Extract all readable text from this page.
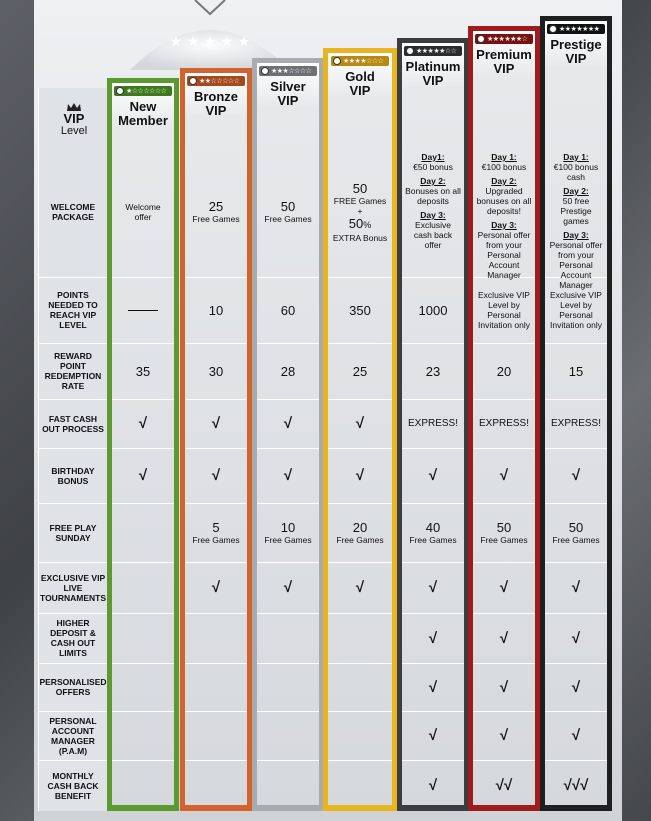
★ ★ ★ ★ ★
VIP
Level
WELCOME PACKAGE
POINTS NEEDED TO REACH VIP LEVEL
REWARD POINT REDEMPTION RATE
FAST CASH OUT PROCESS
BIRTHDAY BONUS
FREE PLAY SUNDAY
EXCLUSIVE VIP LIVE TOURNAMENTS
HIGHER DEPOSIT & CASH OUT LIMITS
PERSONALISED OFFERS
PERSONAL ACCOUNT MANAGER (P.A.M)
MONTHLY CASH BACK BENEFIT
★☆☆☆☆☆☆
New
Member
Welcome
offer
35
√
√
★★☆☆☆☆☆
Bronze
VIP
25
Free Games
10
30
√
√
5
Free Games
√
★★★☆☆☆☆
Silver
VIP
50
Free Games
60
28
√
√
10
Free Games
√
★★★★☆☆☆
Gold
VIP
50
FREE Games
+
50%
EXTRA Bonus
350
25
√
√
20
Free Games
√
★★★★★☆☆
Platinum
VIP
Day1:
€50 bonus
Day 2:
Bonuses on all deposits
Day 3:
Exclusive cash back offer
1000
23
EXPRESS!
√
40
Free Games
√
√
√
√
√
★★★★★★☆
Premium
VIP
Day 1:
€100 bonus
Day 2:
Upgraded bonuses on all deposits!
Day 3:
Personal offer from your Personal Account Manager
Exclusive VIP Level by Personal Invitation only
20
EXPRESS!
√
50
Free Games
√
√
√
√
√√
★★★★★★★
Prestige
VIP
Day 1:
€100 bonus cash
Day 2:
50 free Prestige games
Day 3:
Personal offer from your Personal Account Manager
Exclusive VIP Level by Personal Invitation only
15
EXPRESS!
√
50
Free Games
√
√
√
√
√√√
